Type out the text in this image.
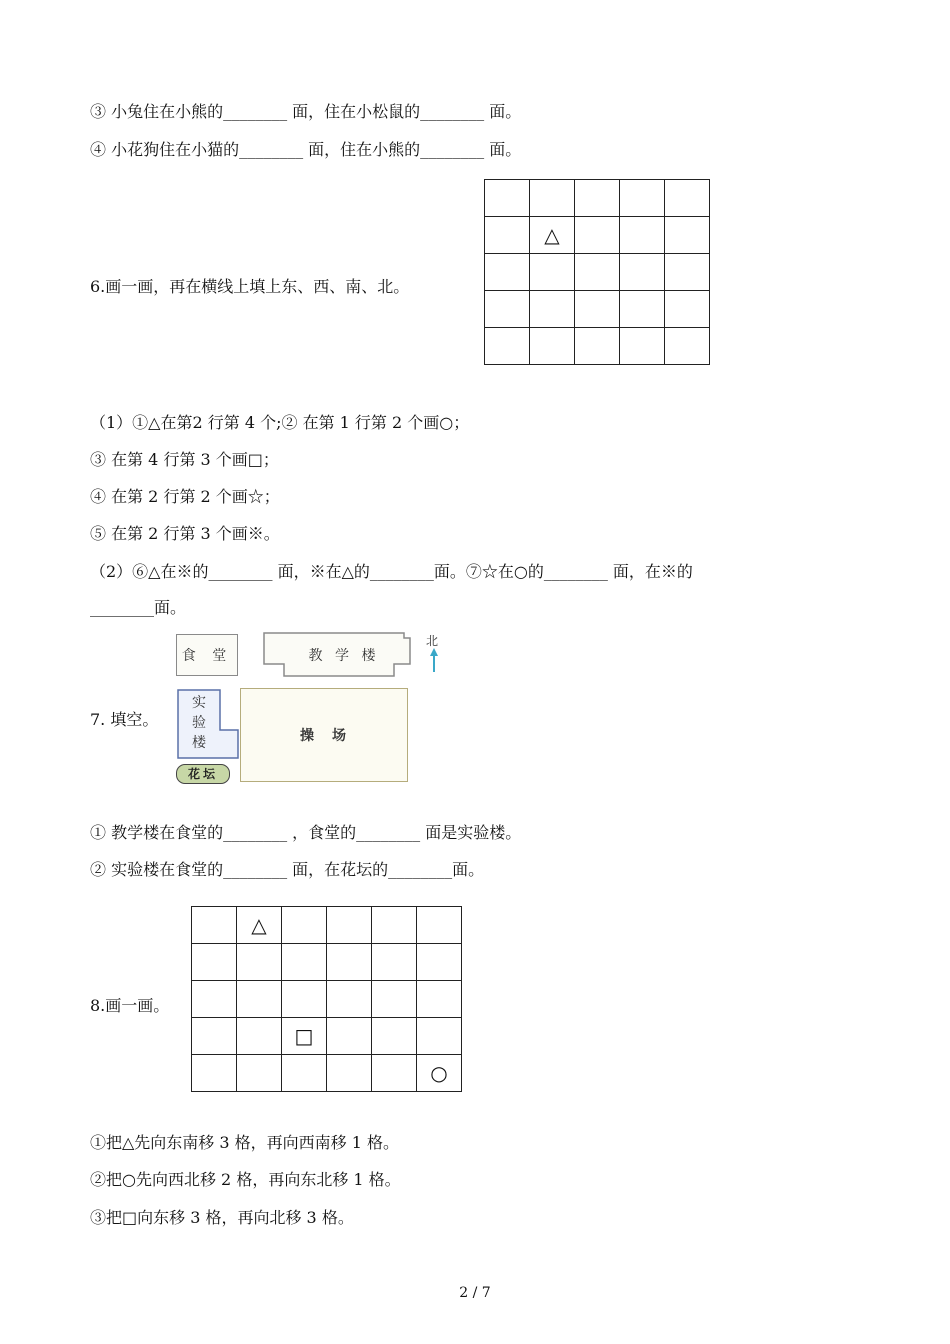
③ 小兔住在小熊的________ 面，住在小松鼠的________ 面。
④ 小花狗住在小猫的________ 面，住在小熊的________ 面。
6.画一画，再在横线上填上东、西、南、北。

	△			

（1）①△在第2 行第 4 个;② 在第 1 行第 2 个画○；
③ 在第 4 行第 3 个画□；
④ 在第 2 行第 2 个画☆；
⑤ 在第 2 行第 3 个画※。
（2）⑥△在※的________ 面，※在△的________面。⑦☆在○的________ 面，在※的
________面。
7. 填空。
食 堂	教 学 楼
北
实
验
楼	操　场
花坛
① 教学楼在食堂的________ ，食堂的________ 面是实验楼。
② 实验楼在食堂的________ 面，在花坛的________面。
8.画一画。
	△				

		□			
					○
①把△先向东南移 3 格，再向西南移 1 格。
②把○先向西北移 2 格，再向东北移 1 格。
③把□向东移 3 格，再向北移 3 格。
2 / 7
